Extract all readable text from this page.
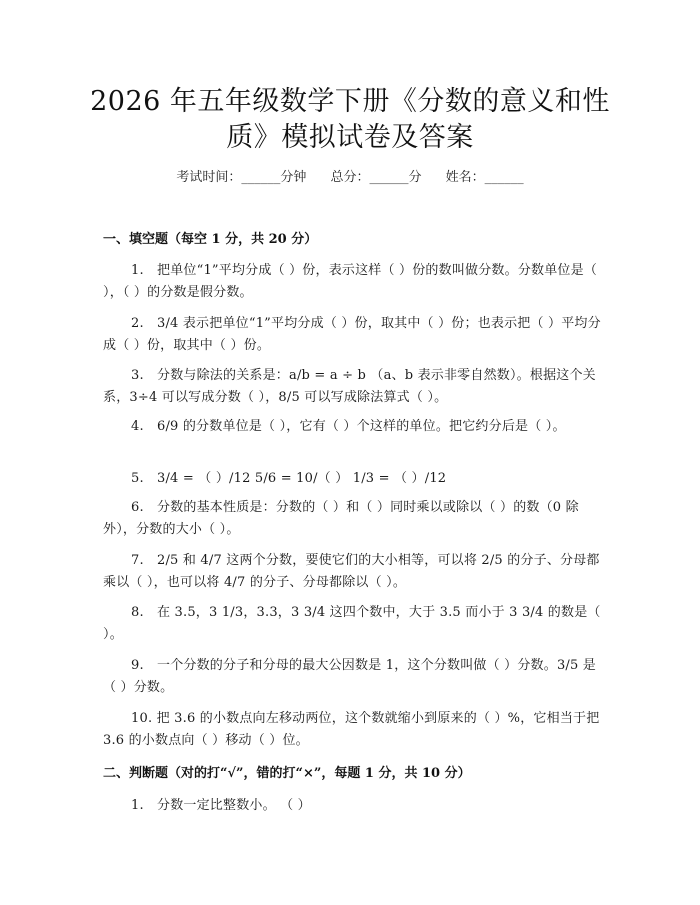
2026 年五年级数学下册《分数的意义和性
质》模拟试卷及答案
考试时间：______分钟 总分：______分 姓名：______
一、填空题（每空 1 分，共 20 分）
1.　把单位“1”平均分成（ ）份，表示这样（ ）份的数叫做分数。分数单位是（ ），（ ）的分数是假分数。
2.　3/4 表示把单位“1”平均分成（ ）份，取其中（ ）份；也表示把（ ）平均分成（ ）份，取其中（ ）份。
3.　分数与除法的关系是：a/b = a ÷ b （a、b 表示非零自然数）。根据这个关系，3÷4 可以写成分数（ ），8/5 可以写成除法算式（ ）。
4.　6/9 的分数单位是（ ），它有（ ）个这样的单位。把它约分后是（ ）。
5.　3/4 = （ ）/12 5/6 = 10/（ ） 1/3 = （ ）/12
6.　分数的基本性质是：分数的（ ）和（ ）同时乘以或除以（ ）的数（0 除外），分数的大小（ ）。
7.　2/5 和 4/7 这两个分数，要使它们的大小相等，可以将 2/5 的分子、分母都乘以（ ），也可以将 4/7 的分子、分母都除以（ ）。
8.　在 3.5，3 1/3，3.3，3 3/4 这四个数中，大于 3.5 而小于 3 3/4 的数是（ ）。
9.　一个分数的分子和分母的最大公因数是 1，这个分数叫做（ ）分数。3/5 是（ ）分数。
10. 把 3.6 的小数点向左移动两位，这个数就缩小到原来的（ ）%，它相当于把 3.6 的小数点向（ ）移动（ ）位。
二、判断题（对的打“√”，错的打“×”，每题 1 分，共 10 分）
1.　分数一定比整数小。 （ ）
